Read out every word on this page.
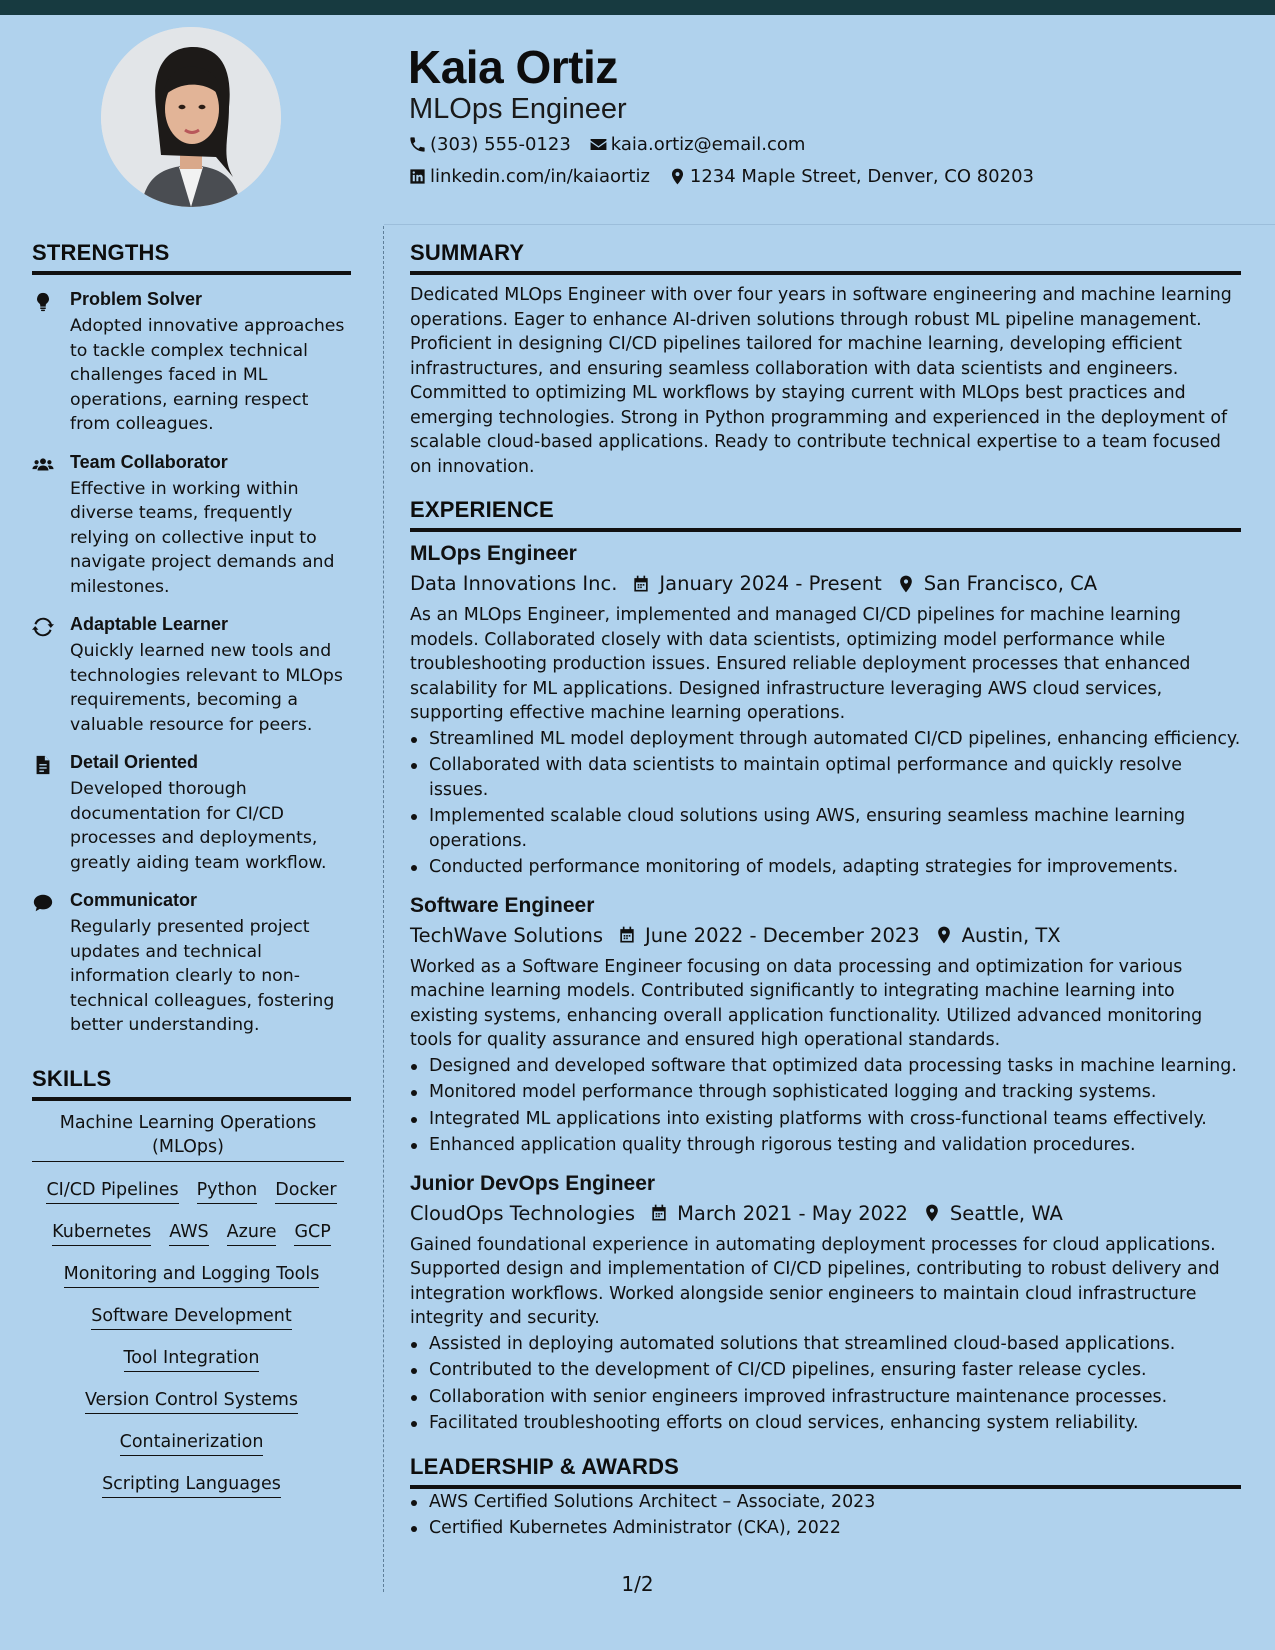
Kaia Ortiz
MLOps Engineer
(303) 555-0123 kaia.ortiz@email.com
linkedin.com/in/kaiaortiz 1234 Maple Street, Denver, CO 80203
STRENGTHS
Problem Solver
Adopted innovative approaches to tackle complex technical challenges faced in ML operations, earning respect from colleagues.
Team Collaborator
Effective in working within diverse teams, frequently relying on collective input to navigate project demands and milestones.
Adaptable Learner
Quickly learned new tools and technologies relevant to MLOps requirements, becoming a valuable resource for peers.
Detail Oriented
Developed thorough documentation for CI/CD processes and deployments, greatly aiding team workflow.
Communicator
Regularly presented project updates and technical information clearly to non-technical colleagues, fostering better understanding.
SKILLS
Machine Learning Operations (MLOps)
CI/CD Pipelines Python Docker
Kubernetes AWS Azure GCP
Monitoring and Logging Tools
Software Development
Tool Integration
Version Control Systems
Containerization
Scripting Languages
SUMMARY
Dedicated MLOps Engineer with over four years in software engineering and machine learning operations. Eager to enhance AI-driven solutions through robust ML pipeline management. Proficient in designing CI/CD pipelines tailored for machine learning, developing efficient infrastructures, and ensuring seamless collaboration with data scientists and engineers. Committed to optimizing ML workflows by staying current with MLOps best practices and emerging technologies. Strong in Python programming and experienced in the deployment of scalable cloud-based applications. Ready to contribute technical expertise to a team focused on innovation.
EXPERIENCE
MLOps Engineer
Data Innovations Inc. January 2024 - Present San Francisco, CA
As an MLOps Engineer, implemented and managed CI/CD pipelines for machine learning models. Collaborated closely with data scientists, optimizing model performance while troubleshooting production issues. Ensured reliable deployment processes that enhanced scalability for ML applications. Designed infrastructure leveraging AWS cloud services, supporting effective machine learning operations.
Streamlined ML model deployment through automated CI/CD pipelines, enhancing efficiency.
Collaborated with data scientists to maintain optimal performance and quickly resolve issues.
Implemented scalable cloud solutions using AWS, ensuring seamless machine learning operations.
Conducted performance monitoring of models, adapting strategies for improvements.
Software Engineer
TechWave Solutions June 2022 - December 2023 Austin, TX
Worked as a Software Engineer focusing on data processing and optimization for various machine learning models. Contributed significantly to integrating machine learning into existing systems, enhancing overall application functionality. Utilized advanced monitoring tools for quality assurance and ensured high operational standards.
Designed and developed software that optimized data processing tasks in machine learning.
Monitored model performance through sophisticated logging and tracking systems.
Integrated ML applications into existing platforms with cross-functional teams effectively.
Enhanced application quality through rigorous testing and validation procedures.
Junior DevOps Engineer
CloudOps Technologies March 2021 - May 2022 Seattle, WA
Gained foundational experience in automating deployment processes for cloud applications. Supported design and implementation of CI/CD pipelines, contributing to robust delivery and integration workflows. Worked alongside senior engineers to maintain cloud infrastructure integrity and security.
Assisted in deploying automated solutions that streamlined cloud-based applications.
Contributed to the development of CI/CD pipelines, ensuring faster release cycles.
Collaboration with senior engineers improved infrastructure maintenance processes.
Facilitated troubleshooting efforts on cloud services, enhancing system reliability.
LEADERSHIP & AWARDS
AWS Certified Solutions Architect – Associate, 2023
Certified Kubernetes Administrator (CKA), 2022
1/2
